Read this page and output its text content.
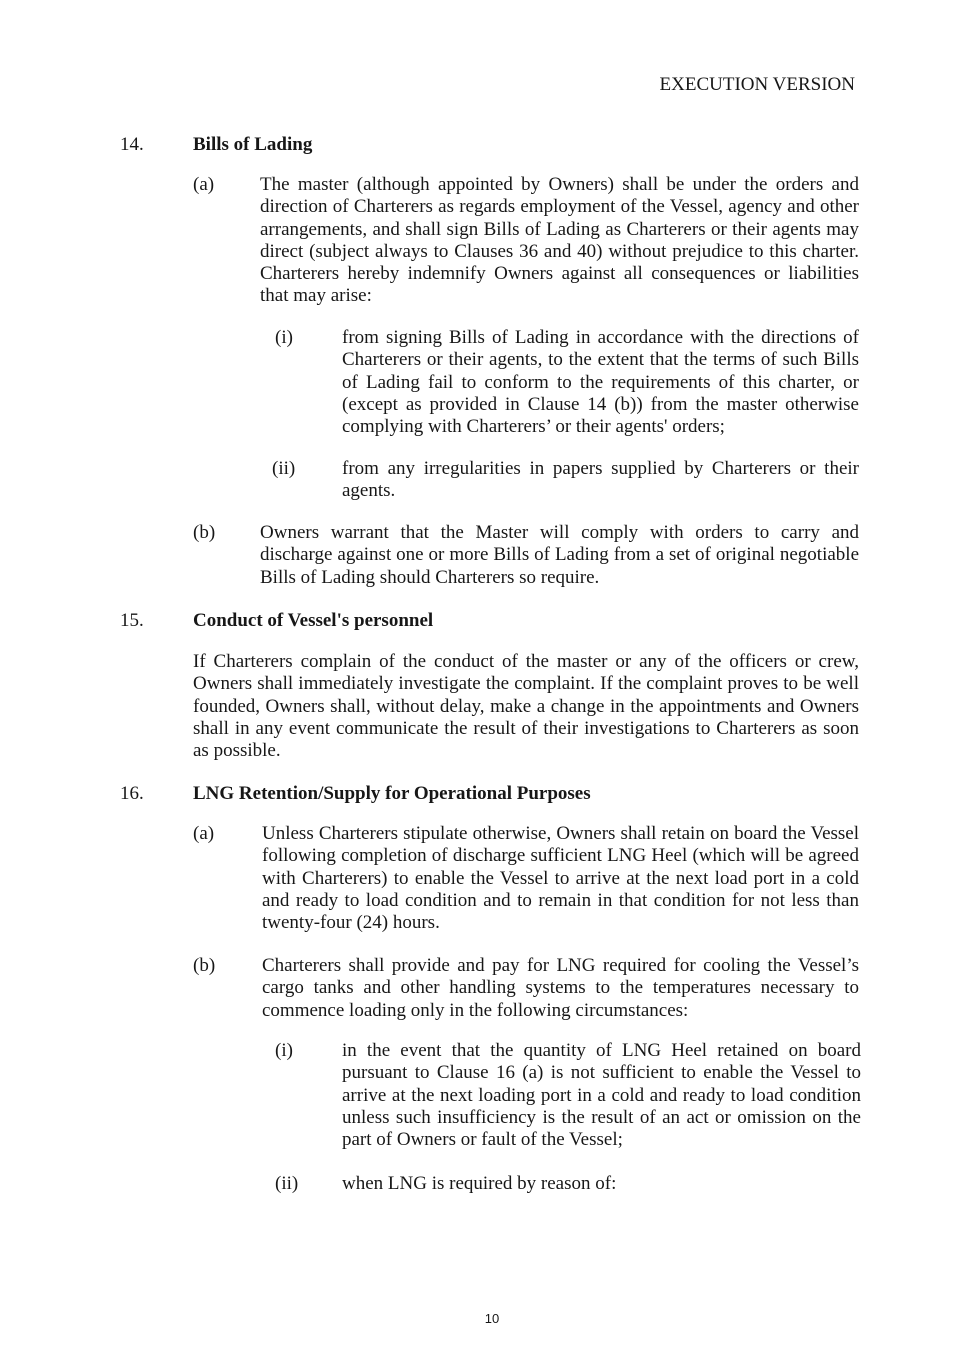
EXECUTION VERSION
14.	Bills of Lading
(a) The master (although appointed by Owners) shall be under the orders and direction of Charterers as regards employment of the Vessel, agency and other arrangements, and shall sign Bills of Lading as Charterers or their agents may direct (subject always to Clauses 36 and 40) without prejudice to this charter. Charterers hereby indemnify Owners against all consequences or liabilities that may arise:

(i)	from signing Bills of Lading in accordance with the directions of Charterers or their agents, to the extent that the terms of such Bills of Lading fail to conform to the requirements of this charter, or (except as provided in Clause 14 (b)) from the master otherwise complying with Charterers’ or their agents' orders;

(ii) from any irregularities in papers supplied by Charterers or their agents.

(b) Owners warrant that the Master will comply with orders to carry and discharge against one or more Bills of Lading from a set of original negotiable Bills of Lading should Charterers so require.

15.	Conduct of Vessel's personnel

If Charterers complain of the conduct of the master or any of the officers or crew, Owners shall immediately investigate the complaint. If the complaint proves to be well founded, Owners shall, without delay, make a change in the appointments and Owners shall in any event communicate the result of their investigations to Charterers as soon as possible.

16.	LNG Retention/Supply for Operational Purposes
(a)	Unless Charterers stipulate otherwise, Owners shall retain on board the Vessel following completion of discharge sufficient LNG Heel (which will be agreed with Charterers) to enable the Vessel to arrive at the next load port in a cold and ready to load condition and to remain in that condition for not less than twenty-four (24) hours.

(b) Charterers shall provide and pay for LNG required for cooling the Vessel’s cargo tanks and other handling systems to the temperatures necessary to commence loading only in the following circumstances:

(i)	in the event that the quantity of LNG Heel retained on board pursuant to Clause 16 (a) is not sufficient to enable the Vessel to arrive at the next loading port in a cold and ready to load condition unless such insufficiency is the result of an act or omission on the part of Owners or fault of the Vessel;

(ii) when LNG is required by reason of:

10
